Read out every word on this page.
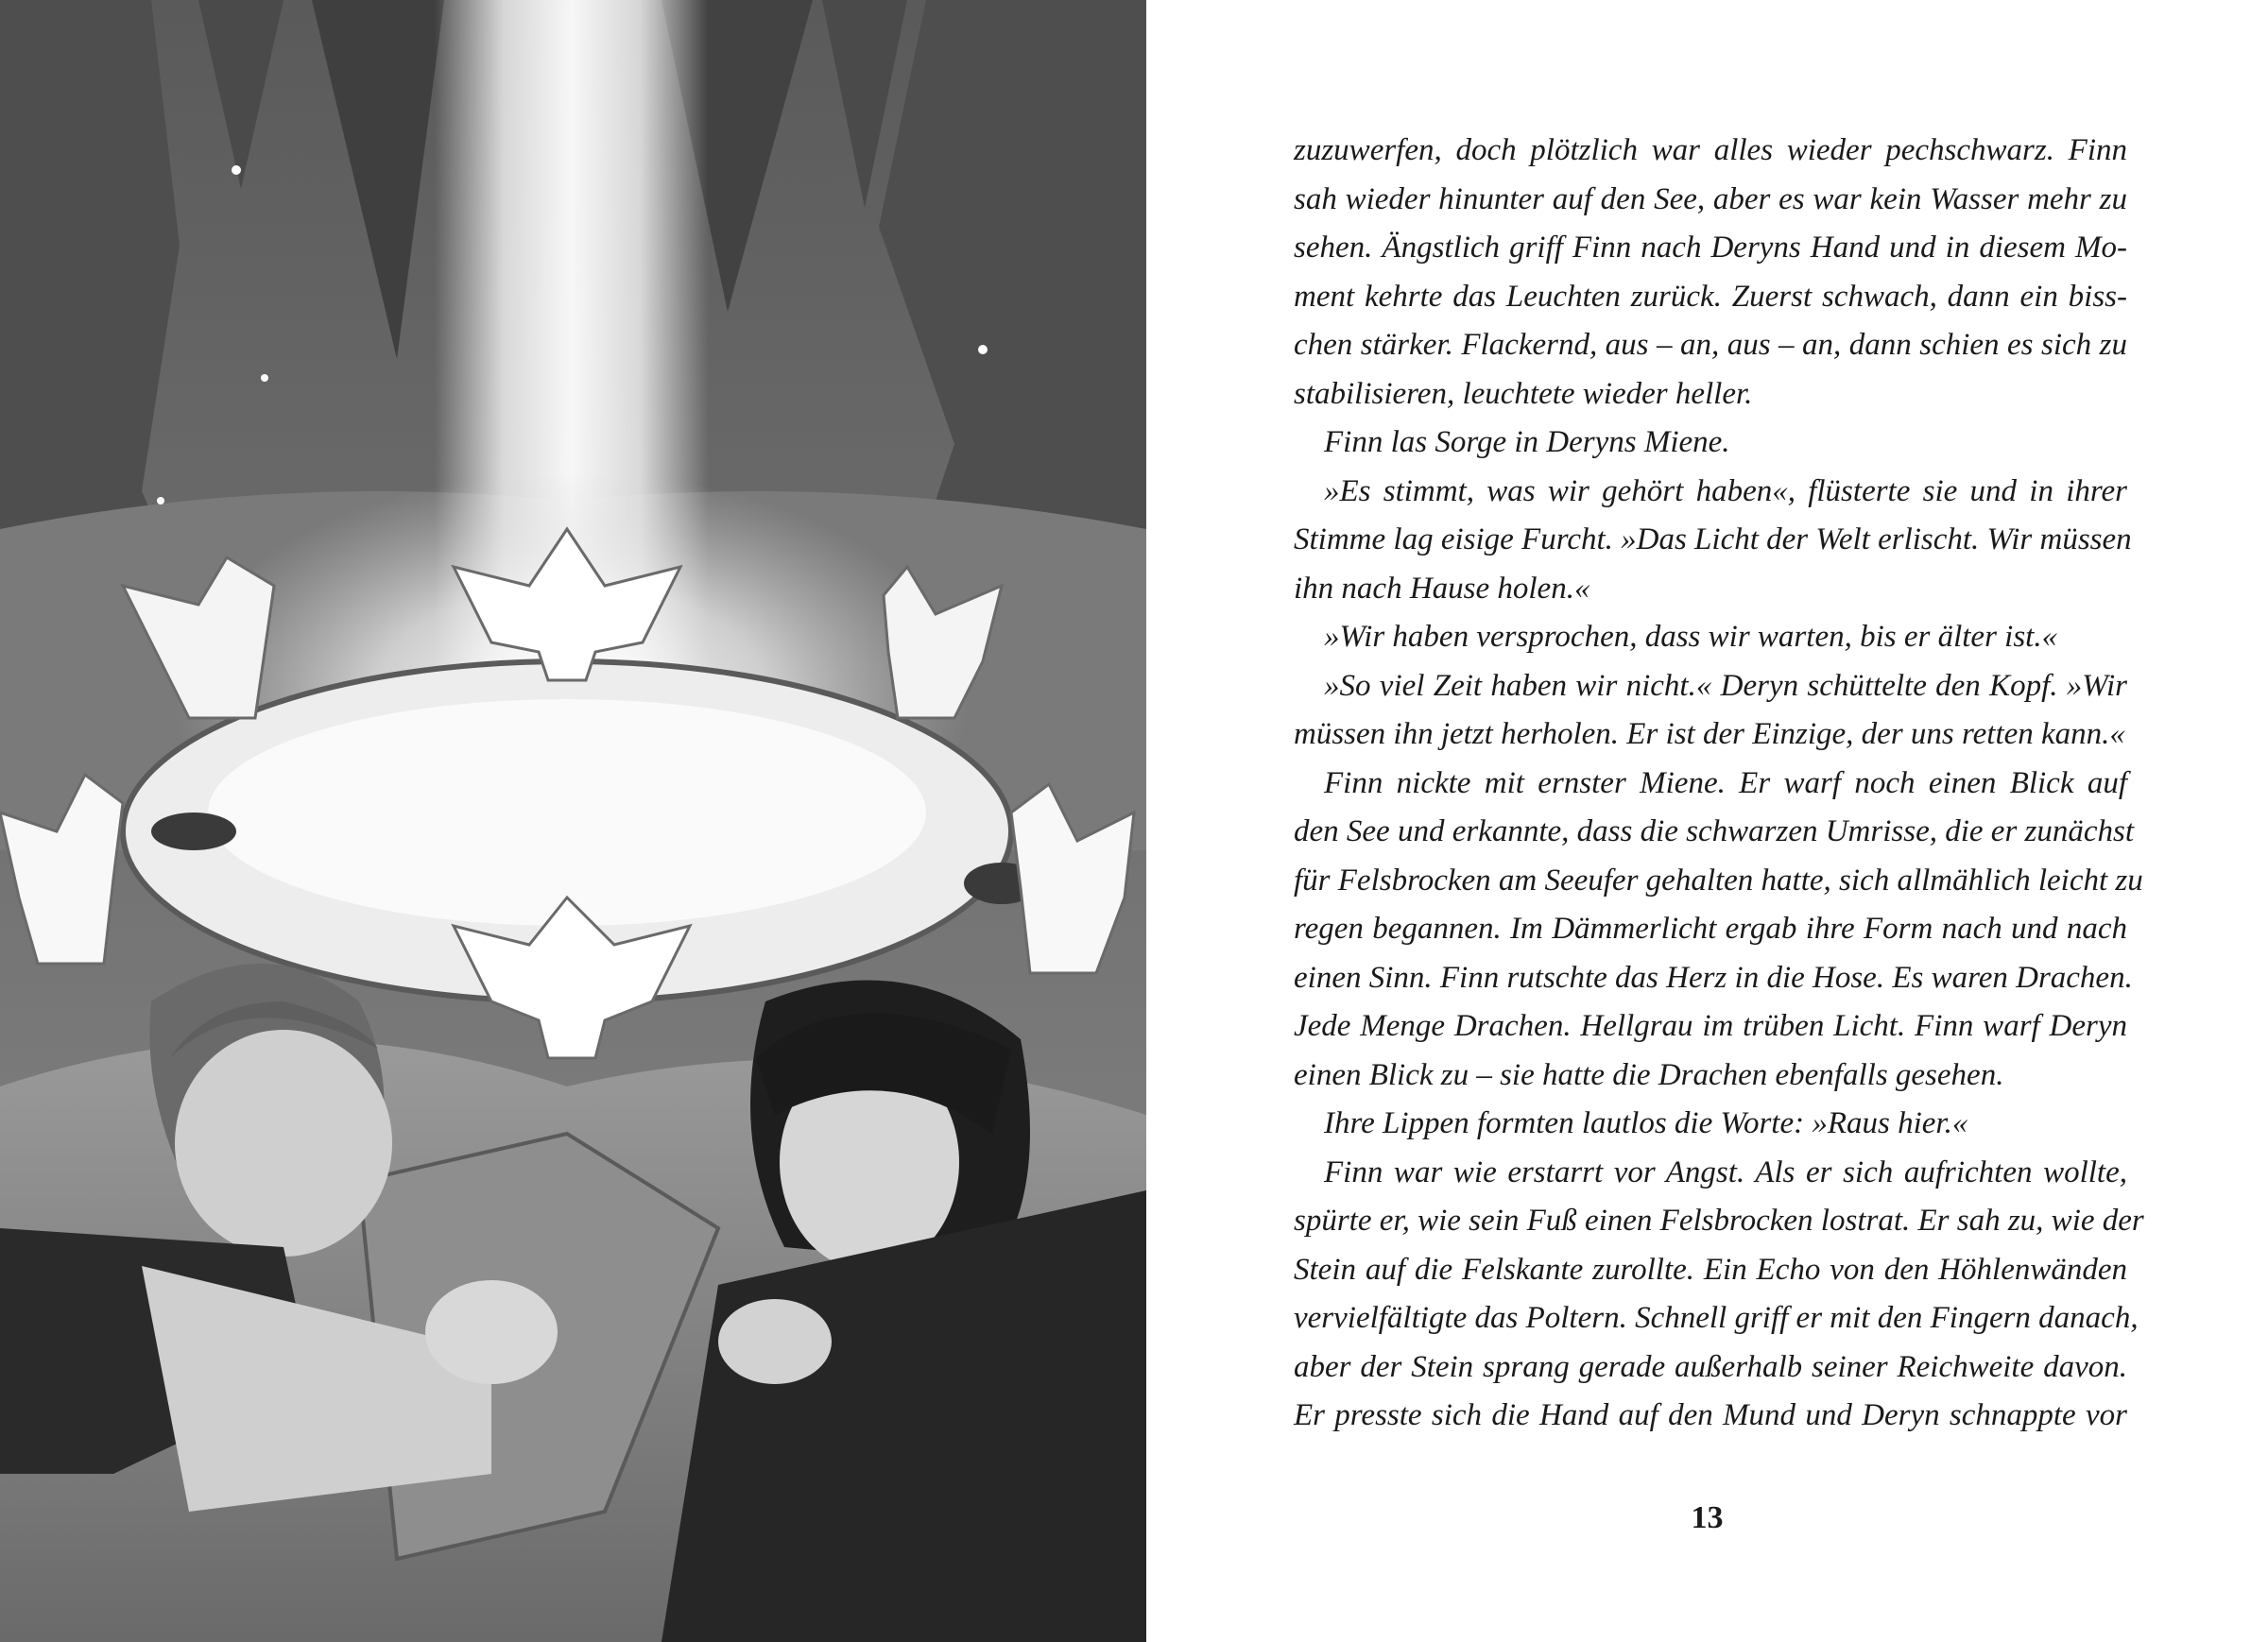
zuzuwerfen, doch plötzlich war alles wieder pechschwarz. Finn
sah wieder hinunter auf den See, aber es war kein Wasser mehr zu
sehen. Ängstlich griff Finn nach Deryns Hand und in diesem Mo-
ment kehrte das Leuchten zurück. Zuerst schwach, dann ein biss-
chen stärker. Flackernd, aus – an, aus – an, dann schien es sich zu
stabilisieren, leuchtete wieder heller.
Finn las Sorge in Deryns Miene.
»Es stimmt, was wir gehört haben«, flüsterte sie und in ihrer
Stimme lag eisige Furcht. »Das Licht der Welt erlischt. Wir müssen
ihn nach Hause holen.«
»Wir haben versprochen, dass wir warten, bis er älter ist.«
»So viel Zeit haben wir nicht.« Deryn schüttelte den Kopf. »Wir
müssen ihn jetzt herholen. Er ist der Einzige, der uns retten kann.«
Finn nickte mit ernster Miene. Er warf noch einen Blick auf
den See und erkannte, dass die schwarzen Umrisse, die er zunächst
für Felsbrocken am Seeufer gehalten hatte, sich allmählich leicht zu
regen begannen. Im Dämmerlicht ergab ihre Form nach und nach
einen Sinn. Finn rutschte das Herz in die Hose. Es waren Drachen.
Jede Menge Drachen. Hellgrau im trüben Licht. Finn warf Deryn
einen Blick zu – sie hatte die Drachen ebenfalls gesehen.
Ihre Lippen formten lautlos die Worte: »Raus hier.«
Finn war wie erstarrt vor Angst. Als er sich aufrichten wollte,
spürte er, wie sein Fuß einen Felsbrocken lostrat. Er sah zu, wie der
Stein auf die Felskante zurollte. Ein Echo von den Höhlenwänden
vervielfältigte das Poltern. Schnell griff er mit den Fingern danach,
aber der Stein sprang gerade außerhalb seiner Reichweite davon.
Er presste sich die Hand auf den Mund und Deryn schnappte vor
13
